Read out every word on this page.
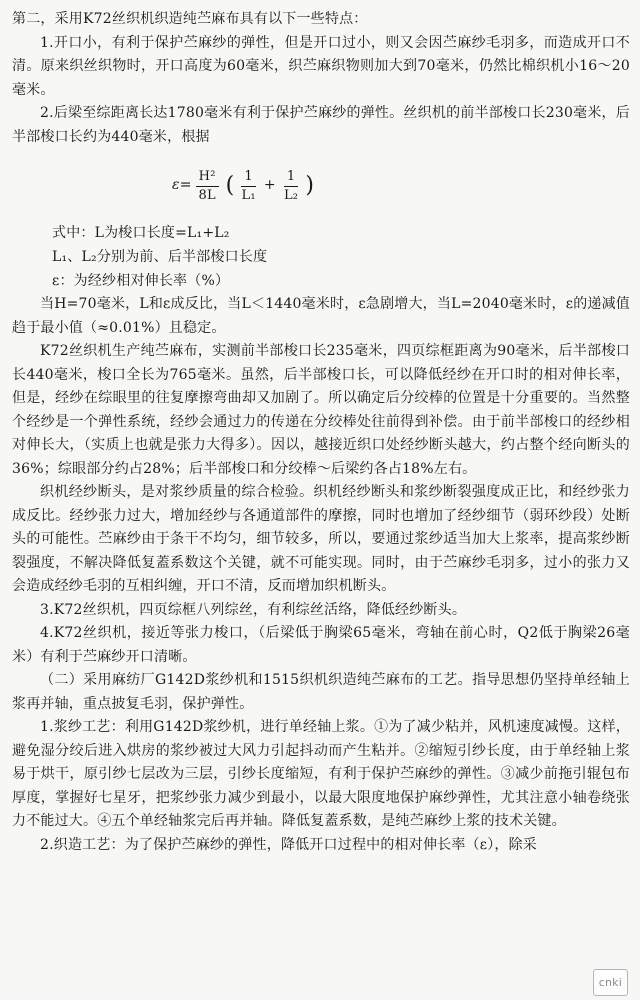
第二，采用K72丝织机织造纯苎麻布具有以下一些特点：

1.开口小，有利于保护苎麻纱的弹性，但是开口过小，则又会因苎麻纱毛羽多，而造成开口不清。原来织丝织物时，开口高度为60毫米，织苎麻织物则加大到70毫米，仍然比棉织机小16～20毫米。

2.后梁至综距离长达1780毫米有利于保护苎麻纱的弹性。丝织机的前半部梭口长230毫米，后半部梭口长约为440毫米，根据

$\varepsilon= \frac{\text{H²}}{8L}$ ( $\frac{1}{\text{L₁}} + \frac{1}{\text{L₂}}$ )

式中：L为梭口长度=L₁+L₂

L₁、L₂分别为前、后半部梭口长度

ε：为经纱相对伸长率（%）

当H=70毫米，L和ε成反比，当L＜1440毫米时，ε急剧增大，当L=2040毫米时，ε的递减值趋于最小值（≈0.01%）且稳定。

K72丝织机生产纯苎麻布，实测前半部梭口长235毫米，四页综框距离为90毫米，后半部梭口长440毫米，梭口全长为765毫米。虽然，后半部梭口长，可以降低经纱在开口时的相对伸长率，但是，经纱在综眼里的往复摩擦弯曲却又加剧了。所以确定后分绞棒的位置是十分重要的。当然整个经纱是一个弹性系统，经纱会通过力的传递在分绞棒处往前得到补偿。由于前半部梭口的经纱相对伸长大，（实质上也就是张力大得多）。因以，越接近织口处经纱断头越大，约占整个经向断头的36%；综眼部分约占28%；后半部梭口和分绞棒～后梁约各占18%左右。

织机经纱断头，是对浆纱质量的综合检验。织机经纱断头和浆纱断裂强度成正比，和经纱张力成反比。经纱张力过大，增加经纱与各通道部件的摩擦，同时也增加了经纱细节（弱环纱段）处断头的可能性。苎麻纱由于条干不均匀，细节较多，所以，要通过浆纱适当加大上浆率，提高浆纱断裂强度，不解决降低复蓋系数这个关键，就不可能实现。同时，由于苎麻纱毛羽多，过小的张力又会造成经纱毛羽的互相纠缠，开口不清，反而增加织机断头。

3.K72丝织机，四页综框八列综丝，有利综丝活络，降低经纱断头。

4.K72丝织机，接近等张力梭口，（后梁低于胸梁65毫米，弯轴在前心时，Q2低于胸梁26毫米）有利于苎麻纱开口清晰。

（二）采用麻纺厂G142D浆纱机和1515织机织造纯苎麻布的工艺。指导思想仍坚持单经轴上浆再并轴，重点披复毛羽，保护弹性。

1.浆纱工艺：利用G142D浆纱机，进行单经轴上浆。①为了减少粘并，风机速度减慢。这样，避免湿分绞后进入烘房的浆纱被过大风力引起抖动而产生粘并。②缩短引纱长度，由于单经轴上浆易于烘干，原引纱七层改为三层，引纱长度缩短，有利于保护苎麻纱的弹性。③减少前拖引辊包布厚度，掌握好七星牙，把浆纱张力减少到最小，以最大限度地保护麻纱弹性，尤其注意小轴卷绕张力不能过大。④五个单经轴浆完后再并轴。降低复蓋系数，是纯苎麻纱上浆的技术关键。

2.织造工艺：为了保护苎麻纱的弹性，降低开口过程中的相对伸长率（ε），除采

cnki
